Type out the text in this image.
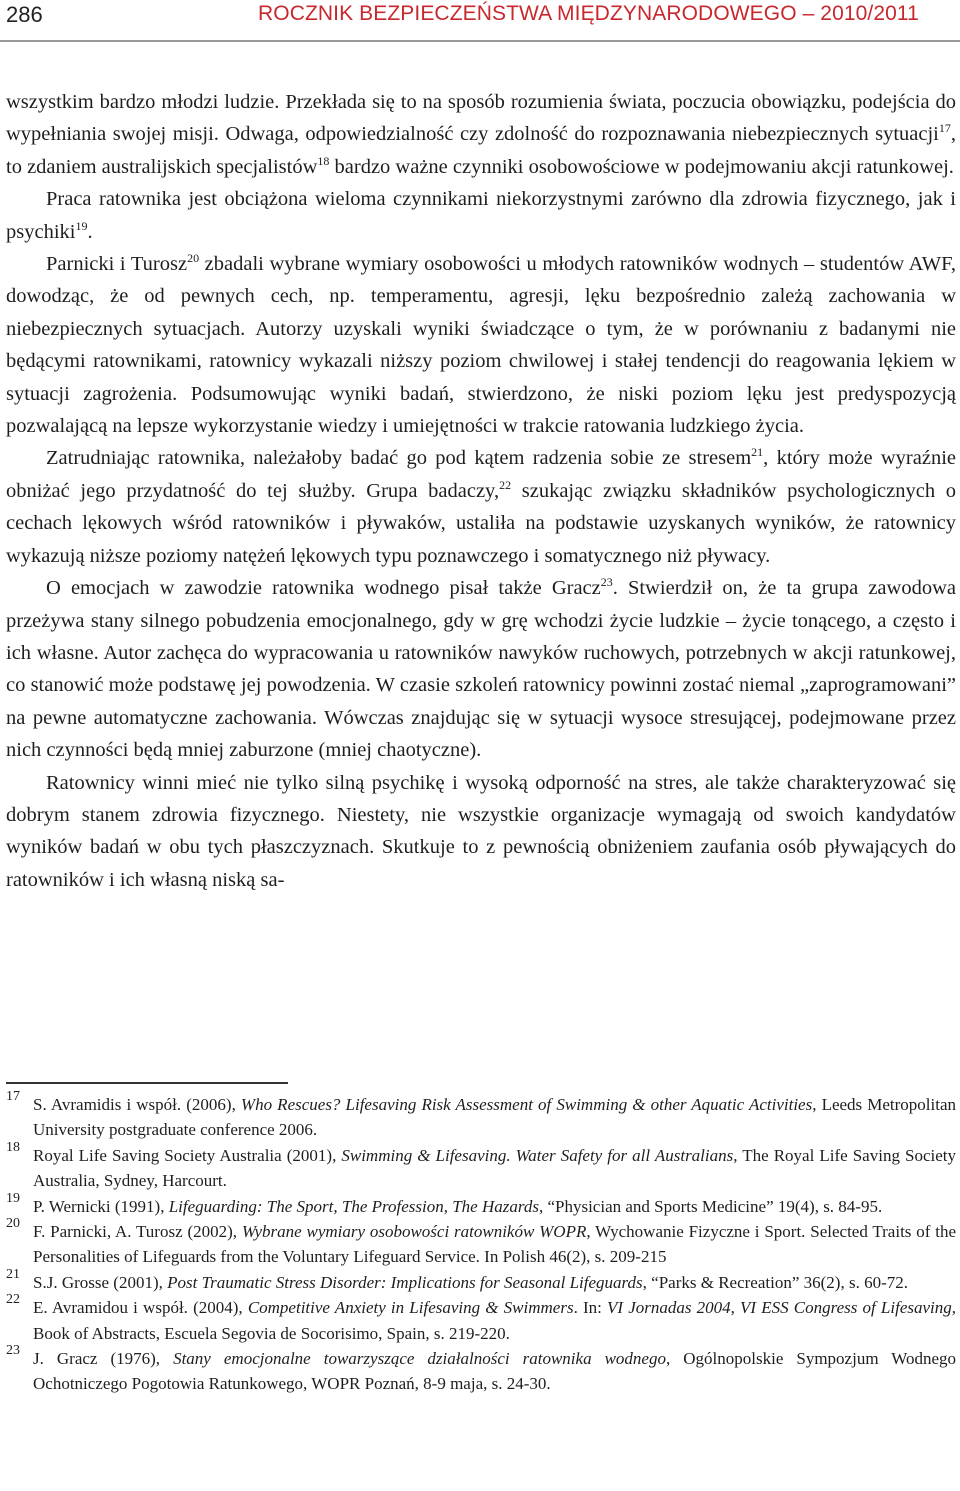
286	ROCZNIK BEZPIECZEŃSTWA MIĘDZYNARODOWEGO – 2010/2011

wszystkim bardzo młodzi ludzie. Przekłada się to na sposób rozumienia świata, poczucia obowiązku, podejścia do wypełniania swojej misji. Odwaga, odpowiedzialność czy zdolność do rozpoznawania niebezpiecznych sytuacji$^{17}$, to zdaniem australijskich specjalistów$^{18}$ bardzo ważne czynniki osobowościowe w podejmowaniu akcji ratunkowej.

Praca ratownika jest obciążona wieloma czynnikami niekorzystnymi zarówno dla zdrowia fizycznego, jak i psychiki$^{19}$.

Parnicki i Turosz$^{20}$ zbadali wybrane wymiary osobowości u młodych ratowników wodnych – studentów AWF, dowodząc, że od pewnych cech, np. temperamentu, agresji, lęku bezpośrednio zależą zachowania w niebezpiecznych sytuacjach. Autorzy uzyskali wyniki świadczące o tym, że w porównaniu z badanymi nie będącymi ratownikami, ratownicy wykazali niższy poziom chwilowej i stałej tendencji do reagowania lękiem w sytuacji zagrożenia. Podsumowując wyniki badań, stwierdzono, że niski poziom lęku jest predyspozycją pozwalającą na lepsze wykorzystanie wiedzy i umiejętności w trakcie ratowania ludzkiego życia.

Zatrudniając ratownika, należałoby badać go pod kątem radzenia sobie ze stresem$^{21}$, który może wyraźnie obniżać jego przydatność do tej służby. Grupa badaczy,$^{22}$ szukając związku składników psychologicznych o cechach lękowych wśród ratowników i pływaków, ustaliła na podstawie uzyskanych wyników, że ratownicy wykazują niższe poziomy natężeń lękowych typu poznawczego i somatycznego niż pływacy.

O emocjach w zawodzie ratownika wodnego pisał także Gracz$^{23}$. Stwierdził on, że ta grupa zawodowa przeżywa stany silnego pobudzenia emocjonalnego, gdy w grę wchodzi życie ludzkie – życie tonącego, a często i ich własne. Autor zachęca do wypracowania u ratowników nawyków ruchowych, potrzebnych w akcji ratunkowej, co stanowić może podstawę jej powodzenia. W czasie szkoleń ratownicy powinni zostać niemal „zaprogramowani” na pewne automatyczne zachowania. Wówczas znajdując się w sytuacji wysoce stresującej, podejmowane przez nich czynności będą mniej zaburzone (mniej chaotyczne).

Ratownicy winni mieć nie tylko silną psychikę i wysoką odporność na stres, ale także charakteryzować się dobrym stanem zdrowia fizycznego. Niestety, nie wszystkie organizacje wymagają od swoich kandydatów wyników badań w obu tych płaszczyznach. Skutkuje to z pewnością obniżeniem zaufania osób pływających do ratowników i ich własną niską sa-

17 S. Avramidis i współ. (2006), Who Rescues? Lifesaving Risk Assessment of Swimming & other Aquatic Activities, Leeds Metropolitan University postgraduate conference 2006.

18 Royal Life Saving Society Australia (2001), Swimming & Lifesaving. Water Safety for all Australians, The Royal Life Saving Society Australia, Sydney, Harcourt.

19 P. Wernicki (1991), Lifeguarding: The Sport, The Profession, The Hazards, “Physician and Sports Medicine” 19(4), s. 84-95.

20 F. Parnicki, A. Turosz (2002), Wybrane wymiary osobowości ratowników WOPR, Wychowanie Fizyczne i Sport. Selected Traits of the Personalities of Lifeguards from the Voluntary Lifeguard Service. In Polish 46(2), s. 209-215

21 S.J. Grosse (2001), Post Traumatic Stress Disorder: Implications for Seasonal Lifeguards, “Parks & Recreation” 36(2), s. 60-72.

22 E. Avramidou i współ. (2004), Competitive Anxiety in Lifesaving & Swimmers. In: VI Jornadas 2004, VI ESS Congress of Lifesaving, Book of Abstracts, Escuela Segovia de Socorisimo, Spain, s. 219-220.

23 J. Gracz (1976), Stany emocjonalne towarzyszące działalności ratownika wodnego, Ogólnopolskie Sympozjum Wodnego Ochotniczego Pogotowia Ratunkowego, WOPR Poznań, 8-9 maja, s. 24-30.
